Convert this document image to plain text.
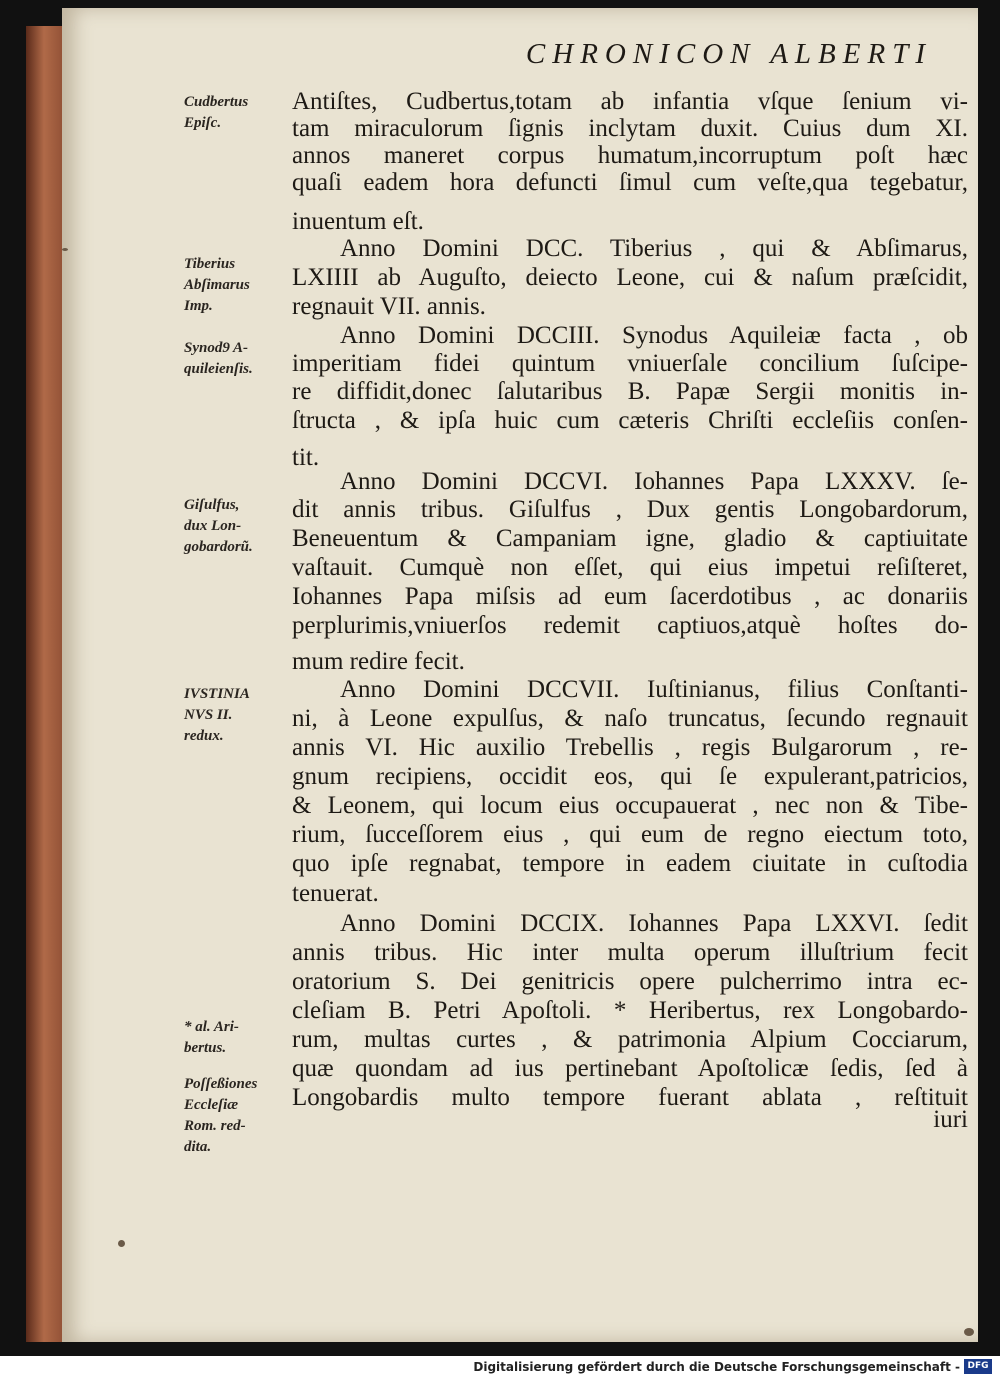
CHRONICON ALBERTI
Cudbertus
Epiſc.
Tiberius
Abſimarus
Imp.
Synod9 A-
quileienſis.
Giſulfus,
dux Lon-
gobardorũ.
IVSTINIA
NVS II.
redux.
* al. Ari-
bertus.
Poſſeßiones
Eccleſiæ
Rom. red-
dita.
Antiſtes, Cudbertus,totam ab infantia vſque ſenium vi-
tam miraculorum ſignis inclytam duxit. Cuius dum XI.
annos maneret corpus humatum,incorruptum poſt hæc
quaſi eadem hora defuncti ſimul cum veſte,qua tegebatur,
inuentum eſt.
Anno Domini DCC. Tiberius , qui & Abſimarus,
LXIIII ab Auguſto, deiecto Leone, cui & naſum præſcidit,
regnauit VII. annis.
Anno Domini DCCIII. Synodus Aquileiæ facta , ob
imperitiam fidei quintum vniuerſale concilium ſuſcipe-
re diffidit,donec ſalutaribus B. Papæ Sergii monitis in-
ſtructa , & ipſa huic cum cæteris Chriſti eccleſiis conſen-
tit.
Anno Domini DCCVI. Iohannes Papa LXXXV. ſe-
dit annis tribus. Giſulfus , Dux gentis Longobardorum,
Beneuentum & Campaniam igne, gladio & captiuitate
vaſtauit. Cumquè non eſſet, qui eius impetui reſiſteret,
Iohannes Papa miſsis ad eum ſacerdotibus , ac donariis
perplurimis,vniuerſos redemit captiuos,atquè hoſtes do-
mum redire fecit.
Anno Domini DCCVII. Iuſtinianus, filius Conſtanti-
ni, à Leone expulſus, & naſo truncatus, ſecundo regnauit
annis VI. Hic auxilio Trebellis , regis Bulgarorum , re-
gnum recipiens, occidit eos, qui ſe expulerant,patricios,
& Leonem, qui locum eius occupauerat , nec non & Tibe-
rium, ſucceſſorem eius , qui eum de regno eiectum toto,
quo ipſe regnabat, tempore in eadem ciuitate in cuſtodia
tenuerat.
Anno Domini DCCIX. Iohannes Papa LXXVI. ſedit
annis tribus. Hic inter multa operum illuſtrium fecit
oratorium S. Dei genitricis opere pulcherrimo intra ec-
cleſiam B. Petri Apoſtoli. * Heribertus, rex Longobardo-
rum, multas curtes , & patrimonia Alpium Cocciarum,
quæ quondam ad ius pertinebant Apoſtolicæ ſedis, ſed à
Longobardis multo tempore fuerant ablata , reſtituit
iuri
Digitalisierung gefördert durch die Deutsche Forschungsgemeinschaft - DFG
